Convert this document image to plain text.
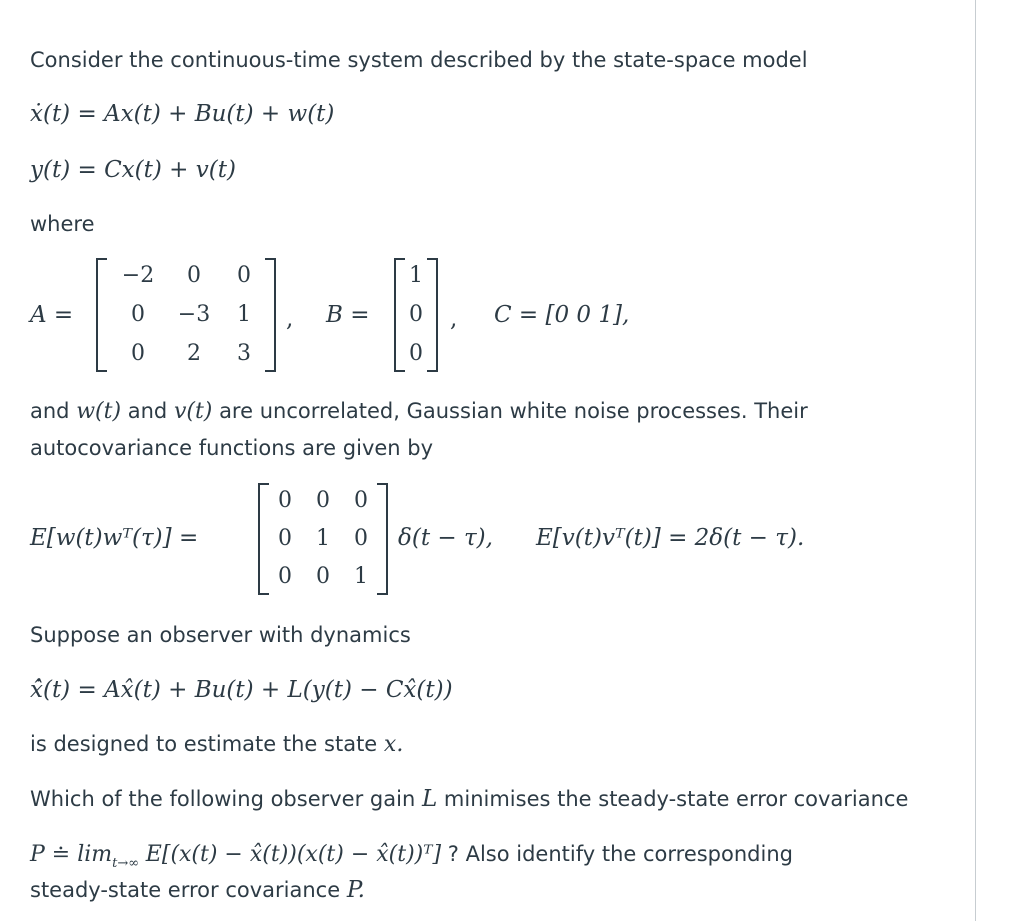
Consider the continuous-time system described by the state-space model
ẋ(t) = Ax(t) + Bu(t) + w(t)
y(t) = Cx(t) + v(t)
where
A =
−2	0	0
0	−3	1
0	2	3
, B =
1
0
0
, C = [0 0 1],
and w(t) and v(t) are uncorrelated, Gaussian white noise processes. Their
autocovariance functions are given by
E[w(t)wᵀ(τ)] =
0	0	0
0	1	0
0	0	1
δ(t − τ), E[v(t)vᵀ(t)] = 2δ(t − τ).
Suppose an observer with dynamics
x̂̇(t) = Ax̂(t) + Bu(t) + L(y(t) − Cx̂(t))
is designed to estimate the state x.
Which of the following observer gain L minimises the steady-state error covariance
P ≐ $\lim_{t\to\infty} E[(x(t)$ − x̂(t))(x(t) − x̂(t))ᵀ] ? Also identify the corresponding
steady-state error covariance P.
